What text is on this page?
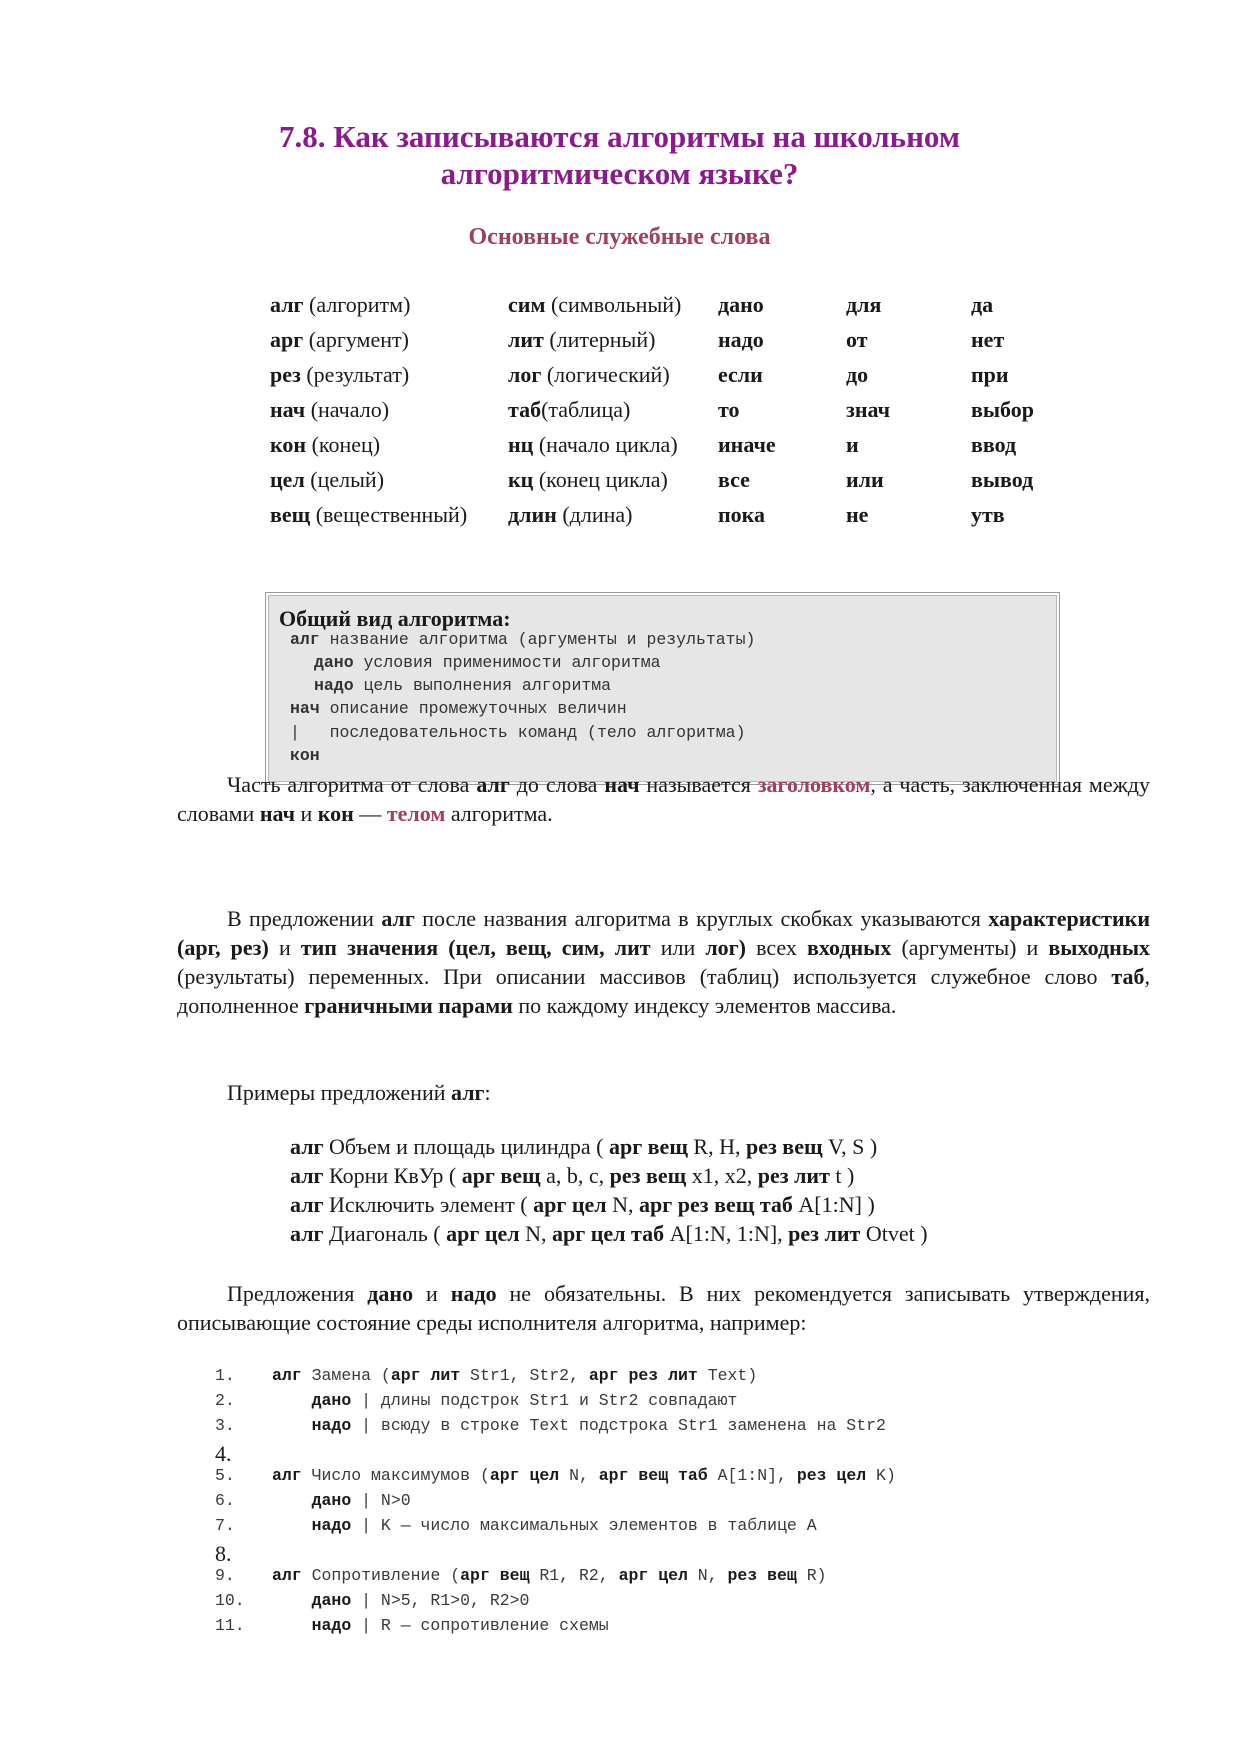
7.8. Как записываются алгоритмы на школьном
алгоритмическом языке?
Основные служебные слова
алг (алгоритм)	сим (символьный)	дано	для	да
арг (аргумент)	лит (литерный)	надо	от	нет
рез (результат)	лог (логический)	если	до	при
нач (начало)	таб(таблица)	то	знач	выбор
кон (конец)	нц (начало цикла)	иначе	и	ввод
цел (целый)	кц (конец цикла)	все	или	вывод
вещ (вещественный)	длин (длина)	пока	не	утв
Общий вид алгоритма:
алг название алгоритма (аргументы и результаты)
дано условия применимости алгоритма
надо цель выполнения алгоритма
нач описание промежуточных величин
|   последовательность команд (тело алгоритма)
кон
Часть алгоритма от слова алг до слова нач называется заголовком, а часть, заключенная между словами нач и кон — телом алгоритма.
В предложении алг после названия алгоритма в круглых скобках указываются характеристики (арг, рез) и тип значения (цел, вещ, сим, лит или лог) всех входных (аргументы) и выходных (результаты) переменных. При описании массивов (таблиц) используется служебное слово таб, дополненное граничными парами по каждому индексу элементов массива.
Примеры предложений алг:
алг Объем и площадь цилиндра ( арг вещ R, H, рез вещ V, S )
алг Корни КвУр ( арг вещ a, b, c, рез вещ x1, x2, рез лит t )
алг Исключить элемент ( арг цел N, арг рез вещ таб A[1:N] )
алг Диагональ ( арг цел N, арг цел таб A[1:N, 1:N], рез лит Otvet )
Предложения дано и надо не обязательны. В них рекомендуется записывать утверждения, описывающие состояние среды исполнителя алгоритма, например:
1. алг Замена (арг лит Str1, Str2, арг рез лит Text)
2.	дано | длины подстрок Str1 и Str2 совпадают
3.	надо | всюду в строке Text подстрока Str1 заменена на Str2
4.
5. алг Число максимумов (арг цел N, арг вещ таб A[1:N], рез цел K)
6.	дано | N>0
7.	надо | K — число максимальных элементов в таблице A
8.
9. алг Сопротивление (арг вещ R1, R2, арг цел N, рез вещ R)
10.	дано | N>5, R1>0, R2>0
11.	надо | R — сопротивление схемы
